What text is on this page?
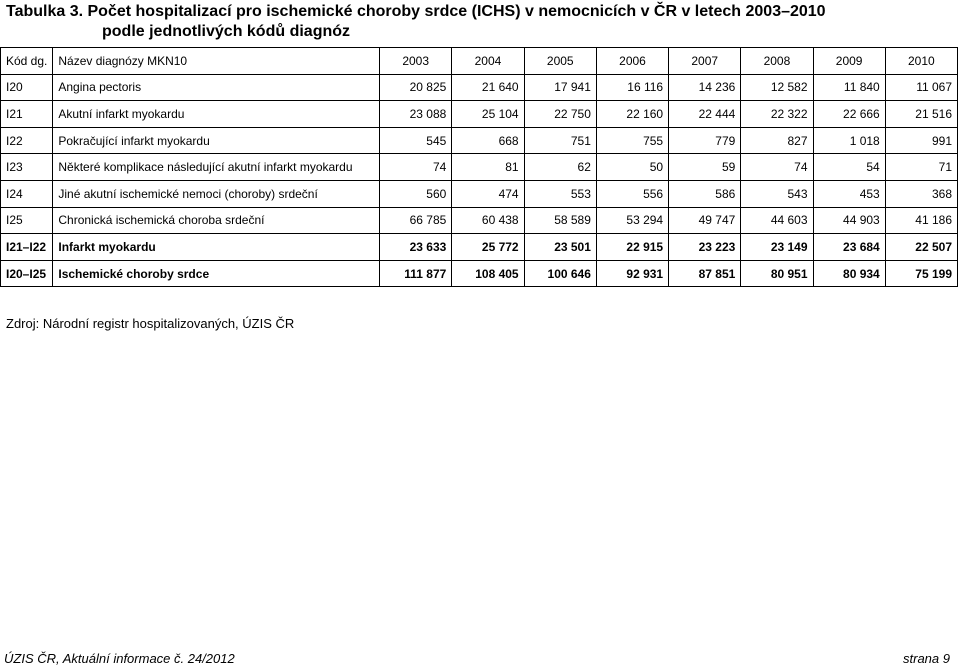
Tabulka 3. Počet hospitalizací pro ischemické choroby srdce (ICHS) v nemocnicích v ČR v letech 2003–2010
podle jednotlivých kódů diagnóz
Kód dg.	Název diagnózy MKN10	2003	2004	2005	2006	2007	2008	2009	2010
I20	Angina pectoris	20 825	21 640	17 941	16 116	14 236	12 582	11 840	11 067
I21	Akutní infarkt myokardu	23 088	25 104	22 750	22 160	22 444	22 322	22 666	21 516
I22	Pokračující infarkt myokardu	545	668	751	755	779	827	1 018	991
I23	Některé komplikace následující akutní infarkt myokardu	74	81	62	50	59	74	54	71
I24	Jiné akutní ischemické nemoci (choroby) srdeční	560	474	553	556	586	543	453	368
I25	Chronická ischemická choroba srdeční	66 785	60 438	58 589	53 294	49 747	44 603	44 903	41 186
I21–I22	Infarkt myokardu	23 633	25 772	23 501	22 915	23 223	23 149	23 684	22 507
I20–I25	Ischemické choroby srdce	111 877	108 405	100 646	92 931	87 851	80 951	80 934	75 199
Zdroj: Národní registr hospitalizovaných, ÚZIS ČR
ÚZIS ČR, Aktuální informace č. 24/2012	strana 9
